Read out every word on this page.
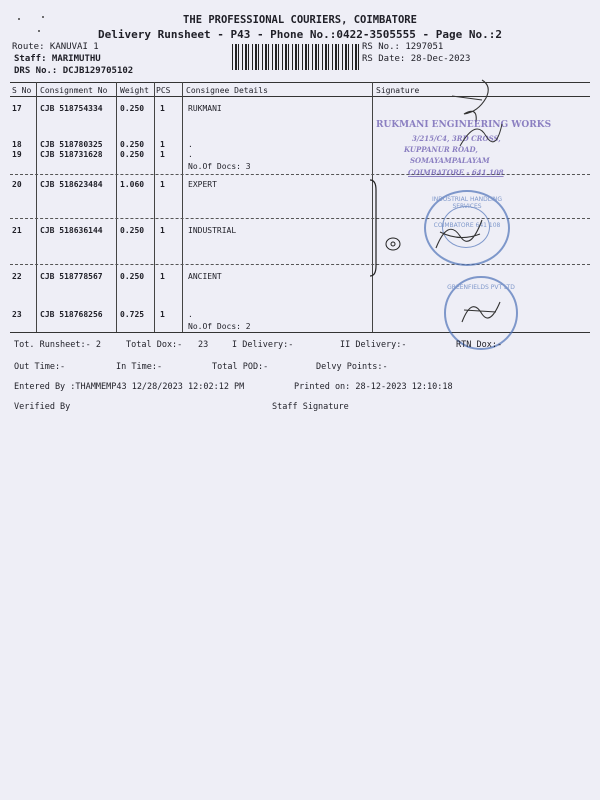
THE PROFESSIONAL COURIERS, COIMBATORE
Delivery Runsheet - P43 - Phone No.:0422-3505555 - Page No.:2
Route: KANUVAI 1
Staff: MARIMUTHU
DRS No.: DCJB129705102
RS No.: 1297051
RS Date: 28-Dec-2023
S No Consignment No Weight PCS Consignee Details	Signature
17 CJB 518754334 0.250 1	RUKMANI
18 CJB 518780325 0.250 1	.
19 CJB 518731628 0.250 1	.
No.Of Docs: 3
20 CJB 518623484 1.060 1	EXPERT
21 CJB 518636144 0.250 1	INDUSTRIAL
22 CJB 518778567 0.250 1	ANCIENT
23 CJB 518768256 0.725 1	.
No.Of Docs: 2
RUKMANI ENGINEERING WORKS
3/215/C4, 3RD CROSS,
KUPPANUR ROAD,
SOMAYAMPALAYAM
COIMBATORE - 641 108
INDUSTRIAL HANDLING SERVICES
COIMBATORE 641 108
GREENFIELDS PVT LTD
Tot. Runsheet:- 2	Total Dox:- 23	I Delivery:-	II Delivery:-	RTN Dox:-
Out Time:-	In Time:-	Total POD:-	Delvy Points:-
Entered By :THAMMEMP43 12/28/2023 12:02:12 PM	Printed on: 28-12-2023 12:10:18
Verified By	Staff Signature
